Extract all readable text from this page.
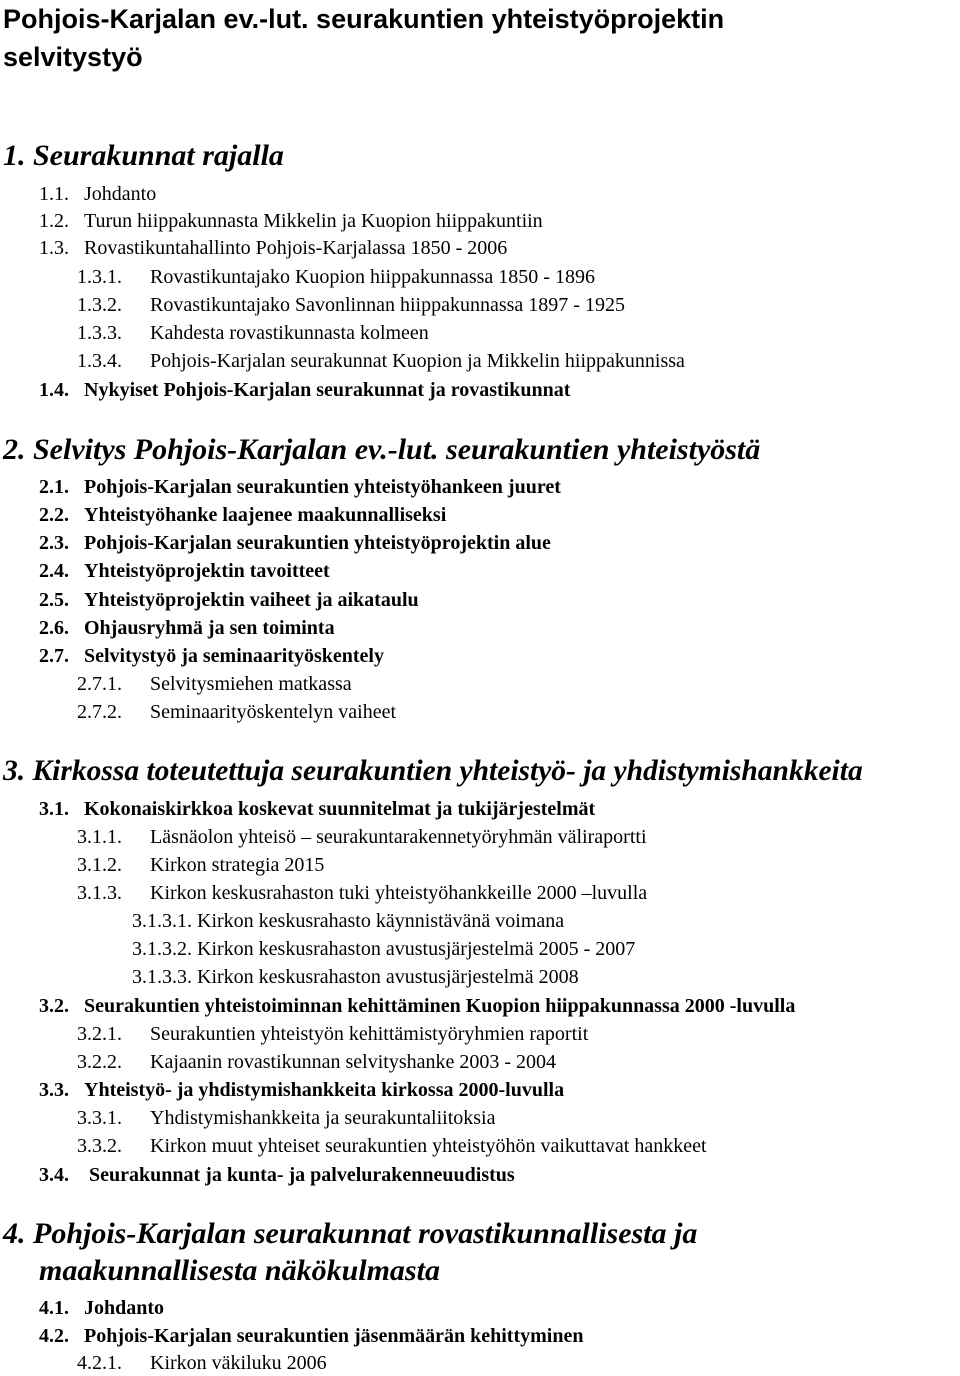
Pohjois-Karjalan ev.-lut. seurakuntien yhteistyöprojektin
selvitystyö
1. Seurakunnat rajalla
1.1. Johdanto
1.2. Turun hiippakunnasta Mikkelin ja Kuopion hiippakuntiin
1.3. Rovastikuntahallinto Pohjois-Karjalassa 1850 - 2006
1.3.1. Rovastikuntajako Kuopion hiippakunnassa 1850 - 1896
1.3.2. Rovastikuntajako Savonlinnan hiippakunnassa 1897 - 1925
1.3.3. Kahdesta rovastikunnasta kolmeen
1.3.4. Pohjois-Karjalan seurakunnat Kuopion ja Mikkelin hiippakunnissa
1.4. Nykyiset Pohjois-Karjalan seurakunnat ja rovastikunnat
2. Selvitys Pohjois-Karjalan ev.-lut. seurakuntien yhteistyöstä
2.1. Pohjois-Karjalan seurakuntien yhteistyöhankeen juuret
2.2. Yhteistyöhanke laajenee maakunnalliseksi
2.3. Pohjois-Karjalan seurakuntien yhteistyöprojektin alue
2.4. Yhteistyöprojektin tavoitteet
2.5. Yhteistyöprojektin vaiheet ja aikataulu
2.6. Ohjausryhmä ja sen toiminta
2.7. Selvitystyö ja seminaarityöskentely
2.7.1. Selvitysmiehen matkassa
2.7.2. Seminaarityöskentelyn vaiheet
3. Kirkossa toteutettuja seurakuntien yhteistyö- ja yhdistymishankkeita
3.1. Kokonaiskirkkoa koskevat suunnitelmat ja tukijärjestelmät
3.1.1. Läsnäolon yhteisö – seurakuntarakennetyöryhmän väliraportti
3.1.2. Kirkon strategia 2015
3.1.3. Kirkon keskusrahaston tuki yhteistyöhankkeille 2000 –luvulla
3.1.3.1. Kirkon keskusrahasto käynnistävänä voimana
3.1.3.2. Kirkon keskusrahaston avustusjärjestelmä 2005 - 2007
3.1.3.3. Kirkon keskusrahaston avustusjärjestelmä 2008
3.2. Seurakuntien yhteistoiminnan kehittäminen Kuopion hiippakunnassa 2000 -luvulla
3.2.1. Seurakuntien yhteistyön kehittämistyöryhmien raportit
3.2.2. Kajaanin rovastikunnan selvityshanke 2003 - 2004
3.3. Yhteistyö- ja yhdistymishankkeita kirkossa 2000-luvulla
3.3.1. Yhdistymishankkeita ja seurakuntaliitoksia
3.3.2. Kirkon muut yhteiset seurakuntien yhteistyöhön vaikuttavat hankkeet
3.4. Seurakunnat ja kunta- ja palvelurakenneuudistus
4. Pohjois-Karjalan seurakunnat rovastikunnallisesta ja
maakunnallisesta näkökulmasta
4.1. Johdanto
4.2. Pohjois-Karjalan seurakuntien jäsenmäärän kehittyminen
4.2.1. Kirkon väkiluku 2006
